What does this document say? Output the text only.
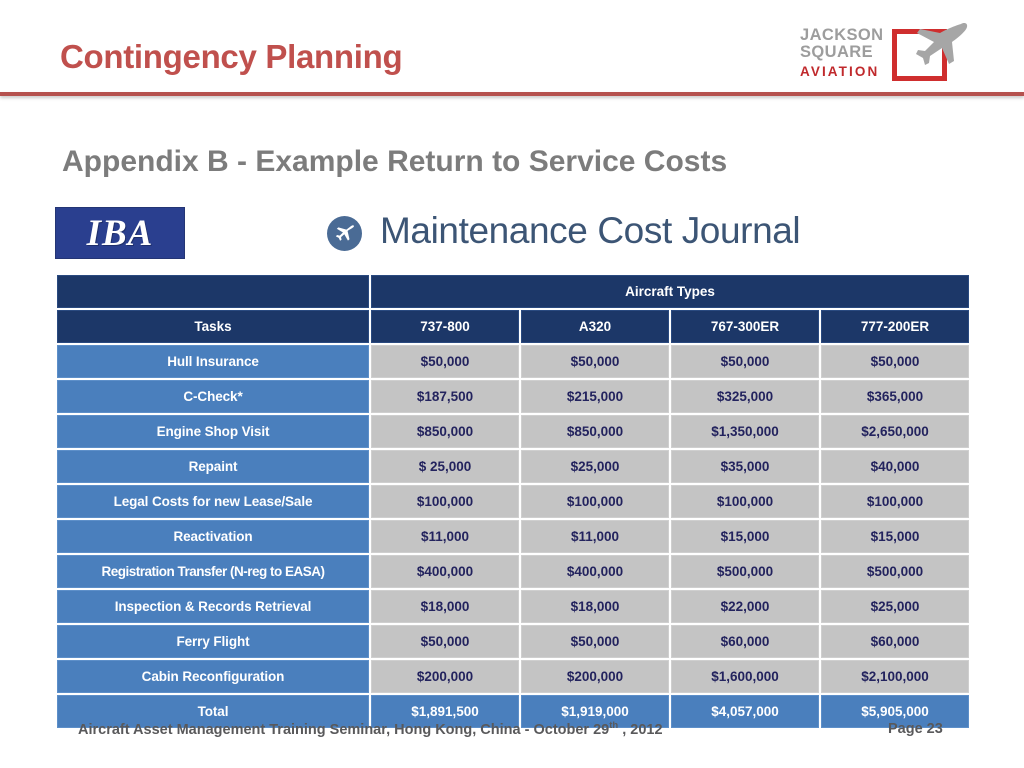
Contingency Planning
JACKSON
SQUARE
AVIATION
Appendix B - Example Return to Service Costs
IBA	Maintenance Cost Journal
	Aircraft Types			
Tasks	737-800	A320	767-300ER	777-200ER
Hull Insurance	$50,000	$50,000	$50,000	$50,000
C-Check*	$187,500	$215,000	$325,000	$365,000
Engine Shop Visit	$850,000	$850,000	$1,350,000	$2,650,000
Repaint	$ 25,000	$25,000	$35,000	$40,000
Legal Costs for new Lease/Sale	$100,000	$100,000	$100,000	$100,000
Reactivation	$11,000	$11,000	$15,000	$15,000
Registration Transfer (N-reg to EASA)	$400,000	$400,000	$500,000	$500,000
Inspection & Records Retrieval	$18,000	$18,000	$22,000	$25,000
Ferry Flight	$50,000	$50,000	$60,000	$60,000
Cabin Reconfiguration	$200,000	$200,000	$1,600,000	$2,100,000
Total	$1,891,500	$1,919,000	$4,057,000	$5,905,000
Aircraft Asset Management Training Seminar, Hong Kong, China - October 29th , 2012	Page 23
